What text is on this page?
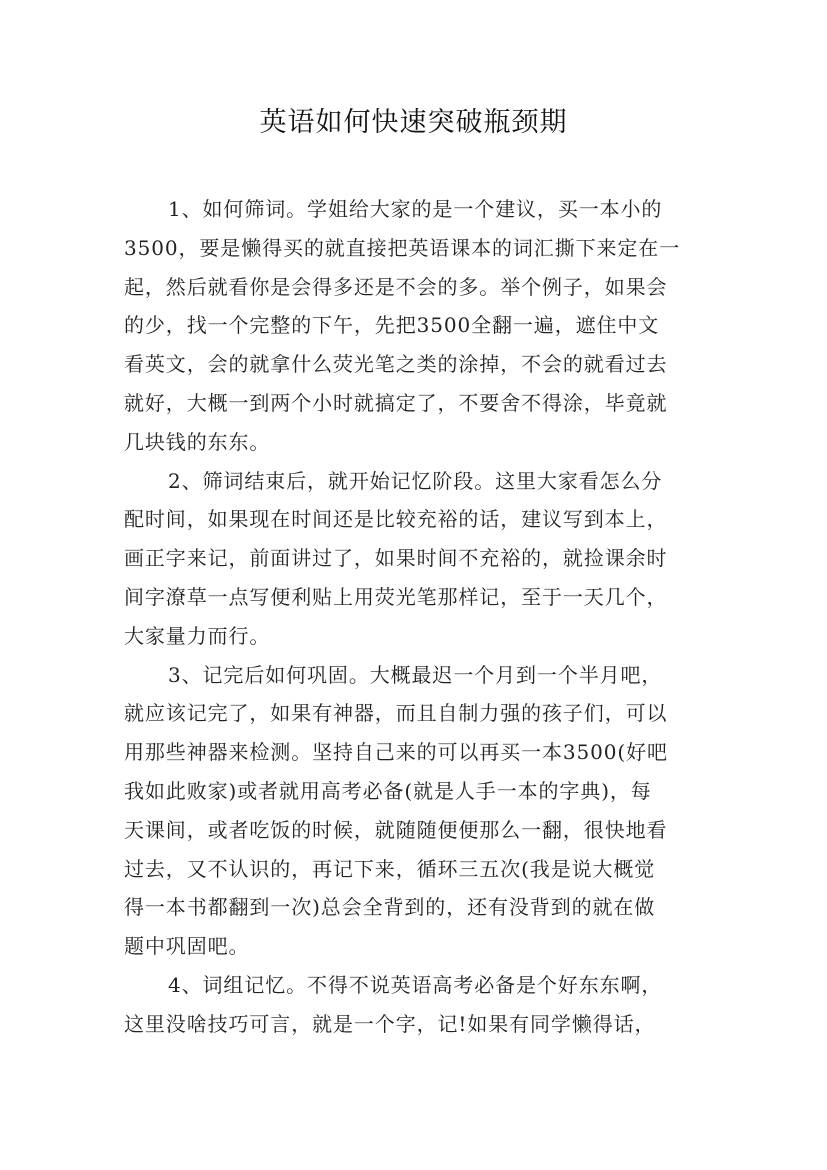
英语如何快速突破瓶颈期
1、如何筛词。学姐给大家的是一个建议，买一本小的
3500，要是懒得买的就直接把英语课本的词汇撕下来定在一
起，然后就看你是会得多还是不会的多。举个例子，如果会
的少，找一个完整的下午，先把3500全翻一遍，遮住中文
看英文，会的就拿什么荧光笔之类的涂掉，不会的就看过去
就好，大概一到两个小时就搞定了，不要舍不得涂，毕竟就
几块钱的东东。
2、筛词结束后，就开始记忆阶段。这里大家看怎么分
配时间，如果现在时间还是比较充裕的话，建议写到本上，
画正字来记，前面讲过了，如果时间不充裕的，就捡课余时
间字潦草一点写便利贴上用荧光笔那样记，至于一天几个，
大家量力而行。
3、记完后如何巩固。大概最迟一个月到一个半月吧，
就应该记完了，如果有神器，而且自制力强的孩子们，可以
用那些神器来检测。坚持自己来的可以再买一本3500(好吧
我如此败家)或者就用高考必备(就是人手一本的字典)，每
天课间，或者吃饭的时候，就随随便便那么一翻，很快地看
过去，又不认识的，再记下来，循环三五次(我是说大概觉
得一本书都翻到一次)总会全背到的，还有没背到的就在做
题中巩固吧。
4、词组记忆。不得不说英语高考必备是个好东东啊，
这里没啥技巧可言，就是一个字，记!如果有同学懒得话，
